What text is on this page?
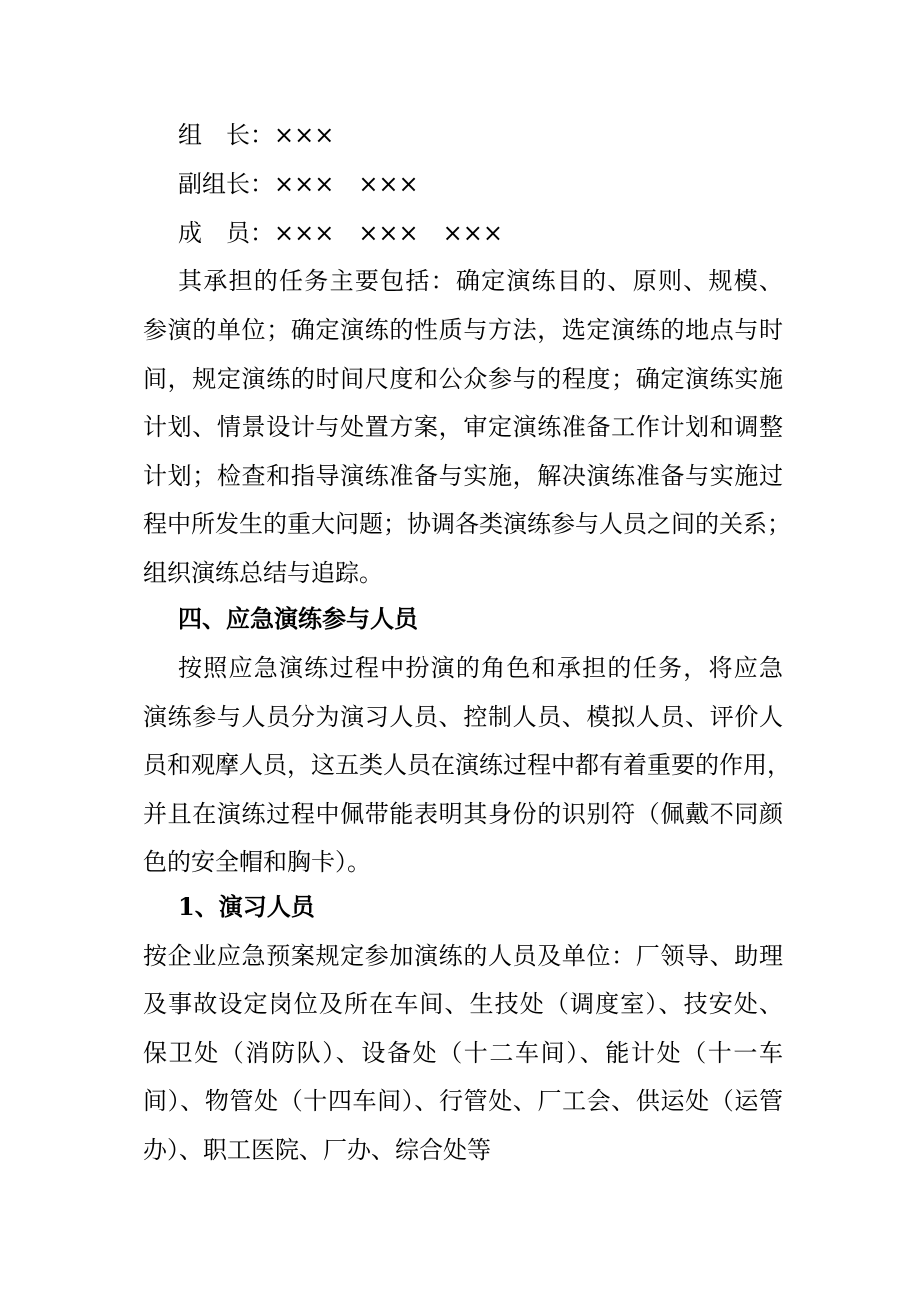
组　长：×××
副组长：×××　×××
成　员：×××　×××　×××
其承担的任务主要包括：确定演练目的、原则、规模、
参演的单位；确定演练的性质与方法，选定演练的地点与时
间，规定演练的时间尺度和公众参与的程度；确定演练实施
计划、情景设计与处置方案，审定演练准备工作计划和调整
计划；检查和指导演练准备与实施，解决演练准备与实施过
程中所发生的重大问题；协调各类演练参与人员之间的关系；
组织演练总结与追踪。
四、应急演练参与人员
按照应急演练过程中扮演的角色和承担的任务，将应急
演练参与人员分为演习人员、控制人员、模拟人员、评价人
员和观摩人员，这五类人员在演练过程中都有着重要的作用，
并且在演练过程中佩带能表明其身份的识别符（佩戴不同颜
色的安全帽和胸卡）。
1、演习人员
按企业应急预案规定参加演练的人员及单位：厂领导、助理
及事故设定岗位及所在车间、生技处（调度室）、技安处、
保卫处（消防队）、设备处（十二车间）、能计处（十一车
间）、物管处（十四车间）、行管处、厂工会、供运处（运管
办）、职工医院、厂办、综合处等
